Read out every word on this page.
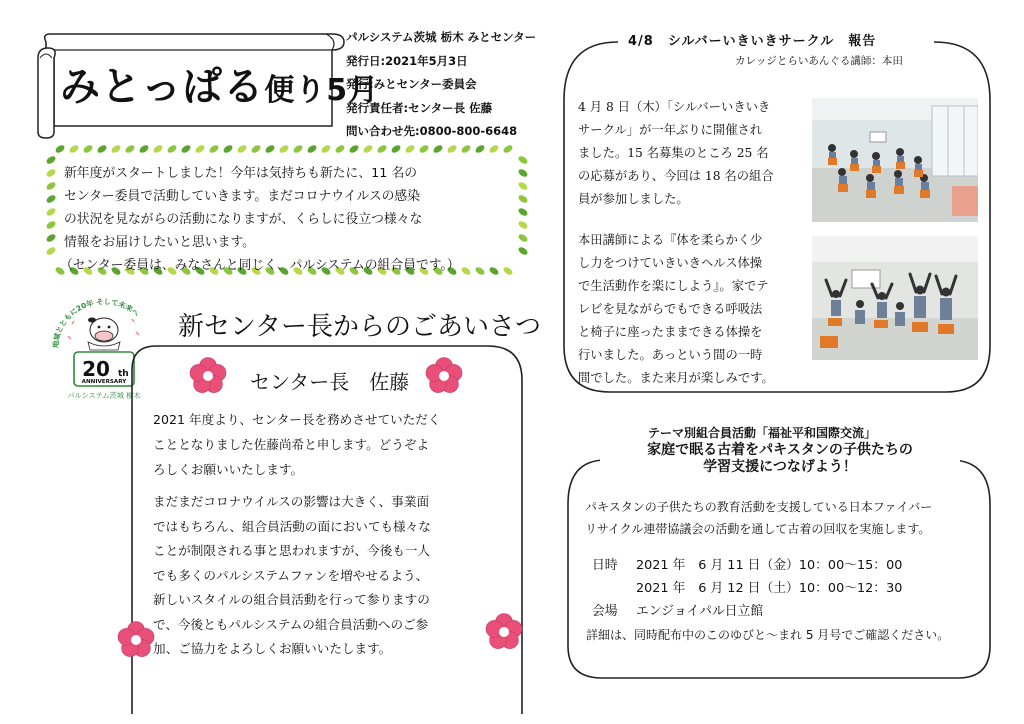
みとっぱる便り5月
パルシステム茨城 栃木 みとセンター
発行日:2021年5月3日
発行:みとセンター委員会
発行責任者:センター長 佐藤
問い合わせ先:0800-800-6648
新年度がスタートしました！今年は気持ちも新たに、11 名の
センター委員で活動していきます。まだコロナウイルスの感染
の状況を見ながらの活動になりますが、くらしに役立つ様々な
情報をお届けしたいと思います。
（センター委員は、みなさんと同じく、パルシステムの組合員です。）
地域とともに20年 そして未来へ
20 th
ANNIVERSARY
パルシステム茨城 栃木
新センター長からのごあいさつ
センター長　佐藤
2021 年度より、センター長を務めさせていただく
こととなりました佐藤尚希と申します。どうぞよ
ろしくお願いいたします。
まだまだコロナウイルスの影響は大きく、事業面
ではもちろん、組合員活動の面においても様々な
ことが制限される事と思われますが、今後も一人
でも多くのパルシステムファンを増やせるよう、
新しいスタイルの組合員活動を行って参りますの
で、今後ともパルシステムの組合員活動へのご参
加、ご協力をよろしくお願いいたします。
4/8　シルバーいきいきサークル　報告
カレッジとらいあんぐる講師：本田
4 月 8 日（木）「シルバーいきいき
サークル」が一年ぶりに開催され
ました。15 名募集のところ 25 名
の応募があり、今回は 18 名の組合
員が参加しました。
本田講師による『体を柔らかく少
し力をつけていきいきヘルス体操
で生活動作を楽にしよう』。家でテ
レビを見ながらでもできる呼吸法
と椅子に座ったままできる体操を
行いました。あっという間の一時
間でした。また来月が楽しみです。
テーマ別組合員活動「福祉平和国際交流」
家庭で眠る古着をパキスタンの子供たちの
学習支援につなげよう！
パキスタンの子供たちの教育活動を支援している日本ファイバー
リサイクル連帯協議会の活動を通して古着の回収を実施します。
日時 2021 年　6 月 11 日（金）10：00～15：00
2021 年　6 月 12 日（土）10：00～12：30
会場 エンジョイパル日立館
詳細は、同時配布中のこのゆびと～まれ 5 月号でご確認ください。
